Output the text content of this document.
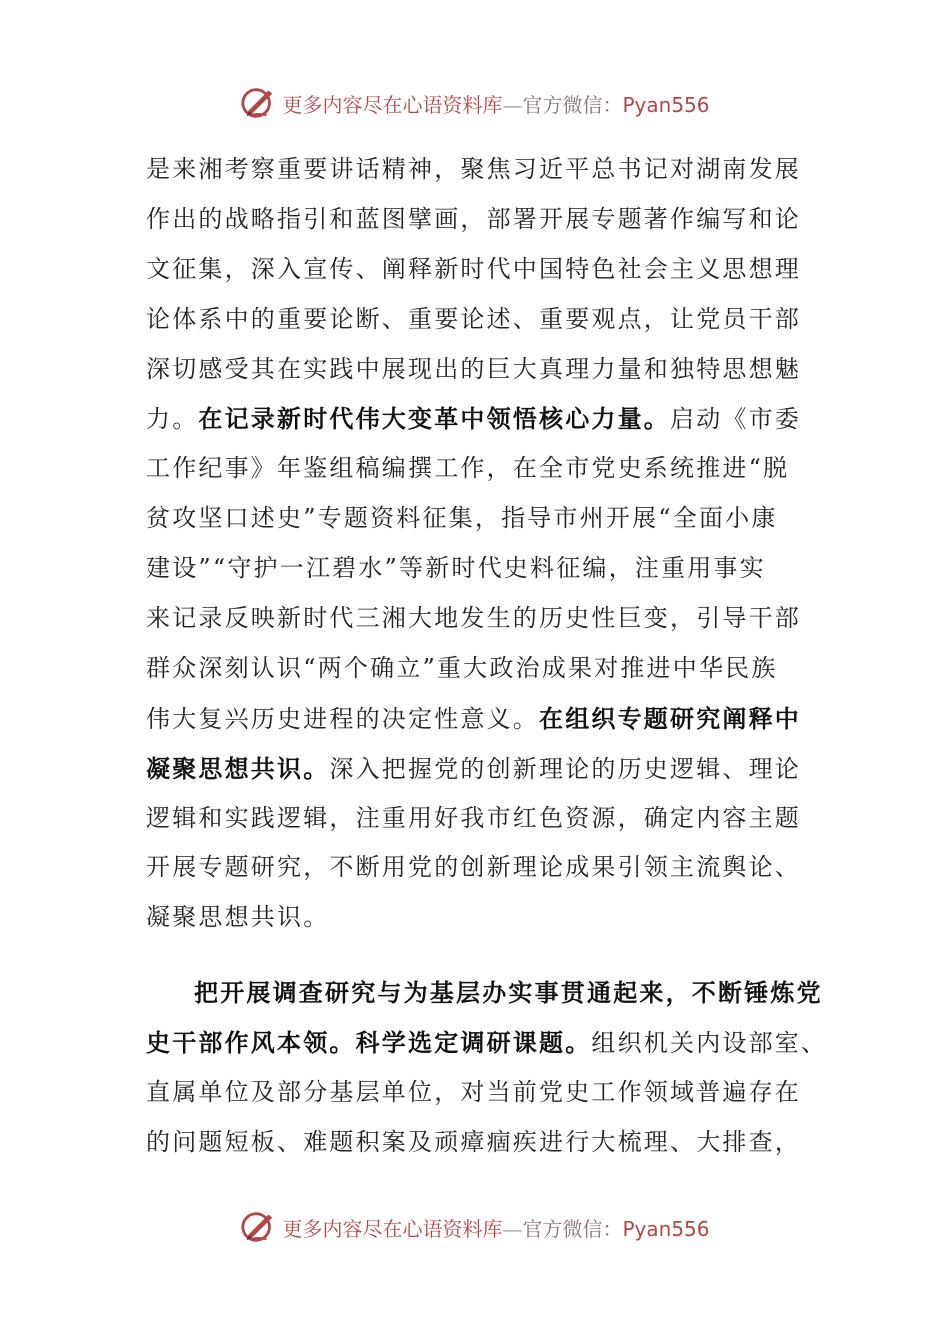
更多内容尽在心语资料库—官方微信：Pyan556
是来湘考察重要讲话精神，聚焦习近平总书记对湖南发展
作出的战略指引和蓝图擘画，部署开展专题著作编写和论
文征集，深入宣传、阐释新时代中国特色社会主义思想理
论体系中的重要论断、重要论述、重要观点，让党员干部
深切感受其在实践中展现出的巨大真理力量和独特思想魅
力。在记录新时代伟大变革中领悟核心力量。启动《市委
工作纪事》年鉴组稿编撰工作，在全市党史系统推进“脱
贫攻坚口述史”专题资料征集，指导市州开展“全面小康
建设”“守护一江碧水”等新时代史料征编，注重用事实
来记录反映新时代三湘大地发生的历史性巨变，引导干部
群众深刻认识“两个确立”重大政治成果对推进中华民族
伟大复兴历史进程的决定性意义。在组织专题研究阐释中
凝聚思想共识。深入把握党的创新理论的历史逻辑、理论
逻辑和实践逻辑，注重用好我市红色资源，确定内容主题
开展专题研究，不断用党的创新理论成果引领主流舆论、
凝聚思想共识。
把开展调查研究与为基层办实事贯通起来，不断锤炼党
史干部作风本领。科学选定调研课题。组织机关内设部室、
直属单位及部分基层单位，对当前党史工作领域普遍存在
的问题短板、难题积案及顽瘴痼疾进行大梳理、大排查，
更多内容尽在心语资料库—官方微信：Pyan556
